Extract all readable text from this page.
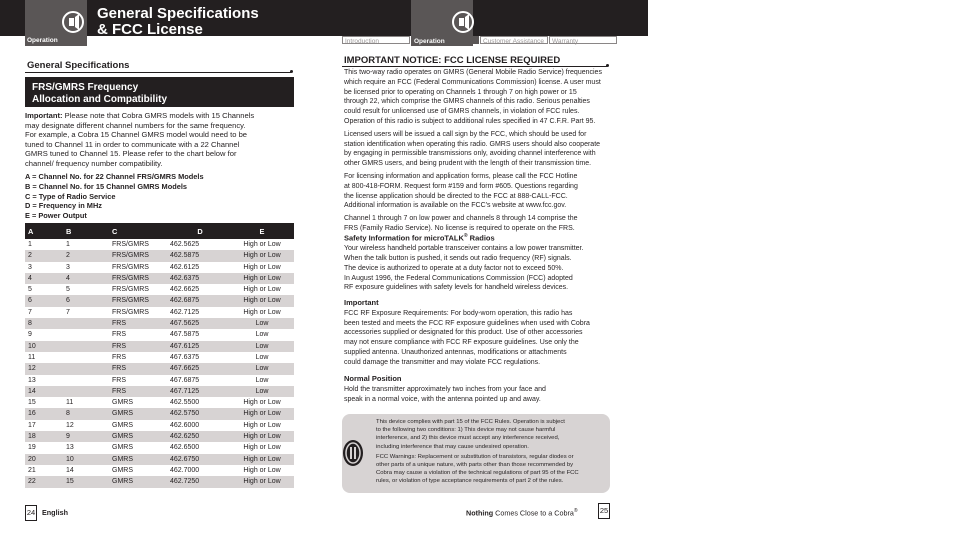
General Specifications
& FCC License
Operation	Introduction	Operation	Customer Assistance	Warranty
General Specifications
FRS/GMRS Frequency
Allocation and Compatibility
Important: Please note that Cobra GMRS models with 15 Channels
may designate different channel numbers for the same frequency.
For example, a Cobra 15 Channel GMRS model would need to be
tuned to Channel 11 in order to communicate with a 22 Channel
GMRS tuned to Channel 15. Please refer to the chart below for
channel/ frequency number compatibility.
A = Channel No. for 22 Channel FRS/GMRS Models
B = Channel No. for 15 Channel GMRS Models
C = Type of Radio Service
D = Frequency in MHz
E = Power Output
A	B	C	D	E
1	1	FRS/GMRS	462.5625	High or Low
2	2	FRS/GMRS	462.5875	High or Low
3	3	FRS/GMRS	462.6125	High or Low
4	4	FRS/GMRS	462.6375	High or Low
5	5	FRS/GMRS	462.6625	High or Low
6	6	FRS/GMRS	462.6875	High or Low
7	7	FRS/GMRS	462.7125	High or Low
8		FRS	467.5625	Low
9		FRS	467.5875	Low
10		FRS	467.6125	Low
11		FRS	467.6375	Low
12		FRS	467.6625	Low
13		FRS	467.6875	Low
14		FRS	467.7125	Low
15	11	GMRS	462.5500	High or Low
16	8	GMRS	462.5750	High or Low
17	12	GMRS	462.6000	High or Low
18	9	GMRS	462.6250	High or Low
19	13	GMRS	462.6500	High or Low
20	10	GMRS	462.6750	High or Low
21	14	GMRS	462.7000	High or Low
22	15	GMRS	462.7250	High or Low
24 English
IMPORTANT NOTICE: FCC LICENSE REQUIRED
This two-way radio operates on GMRS (General Mobile Radio Service) frequencies
which require an FCC (Federal Communications Commission) license. A user must
be licensed prior to operating on Channels 1 through 7 on high power or 15
through 22, which comprise the GMRS channels of this radio. Serious penalties
could result for unlicensed use of GMRS channels, in violation of FCC rules.
Operation of this radio is subject to additional rules specified in 47 C.F.R. Part 95.
Licensed users will be issued a call sign by the FCC, which should be used for
station identification when operating this radio. GMRS users should also cooperate
by engaging in permissible transmissions only, avoiding channel interference with
other GMRS users, and being prudent with the length of their transmission time.
For licensing information and application forms, please call the FCC Hotline
at 800-418-FORM. Request form #159 and form #605. Questions regarding
the license application should be directed to the FCC at 888-CALL-FCC.
Additional information is available on the FCC's website at www.fcc.gov.
Channel 1 through 7 on low power and channels 8 through 14 comprise the
FRS (Family Radio Service). No license is required to operate on the FRS.
Safety Information for microTALK® Radios
Your wireless handheld portable transceiver contains a low power transmitter.
When the talk button is pushed, it sends out radio frequency (RF) signals.
The device is authorized to operate at a duty factor not to exceed 50%.
In August 1996, the Federal Communications Commission (FCC) adopted
RF exposure guidelines with safety levels for handheld wireless devices.
Important
FCC RF Exposure Requirements: For body-worn operation, this radio has
been tested and meets the FCC RF exposure guidelines when used with Cobra
accessories supplied or designated for this product. Use of other accessories
may not ensure compliance with FCC RF exposure guidelines. Use only the
supplied antenna. Unauthorized antennas, modifications or attachments
could damage the transmitter and may violate FCC regulations.
Normal Position
Hold the transmitter approximately two inches from your face and
speak in a normal voice, with the antenna pointed up and away.
This device complies with part 15 of the FCC Rules. Operation is subject
to the following two conditions: 1) This device may not cause harmful
interference, and 2) this device must accept any interference received,
including interference that may cause undesired operation.
FCC Warnings: Replacement or substitution of transistors, regular diodes or
other parts of a unique nature, with parts other than those recommended by
Cobra may cause a violation of the technical regulations of part 95 of the FCC
rules, or violation of type acceptance requirements of part 2 of the rules.
Nothing Comes Close to a Cobra®	25
